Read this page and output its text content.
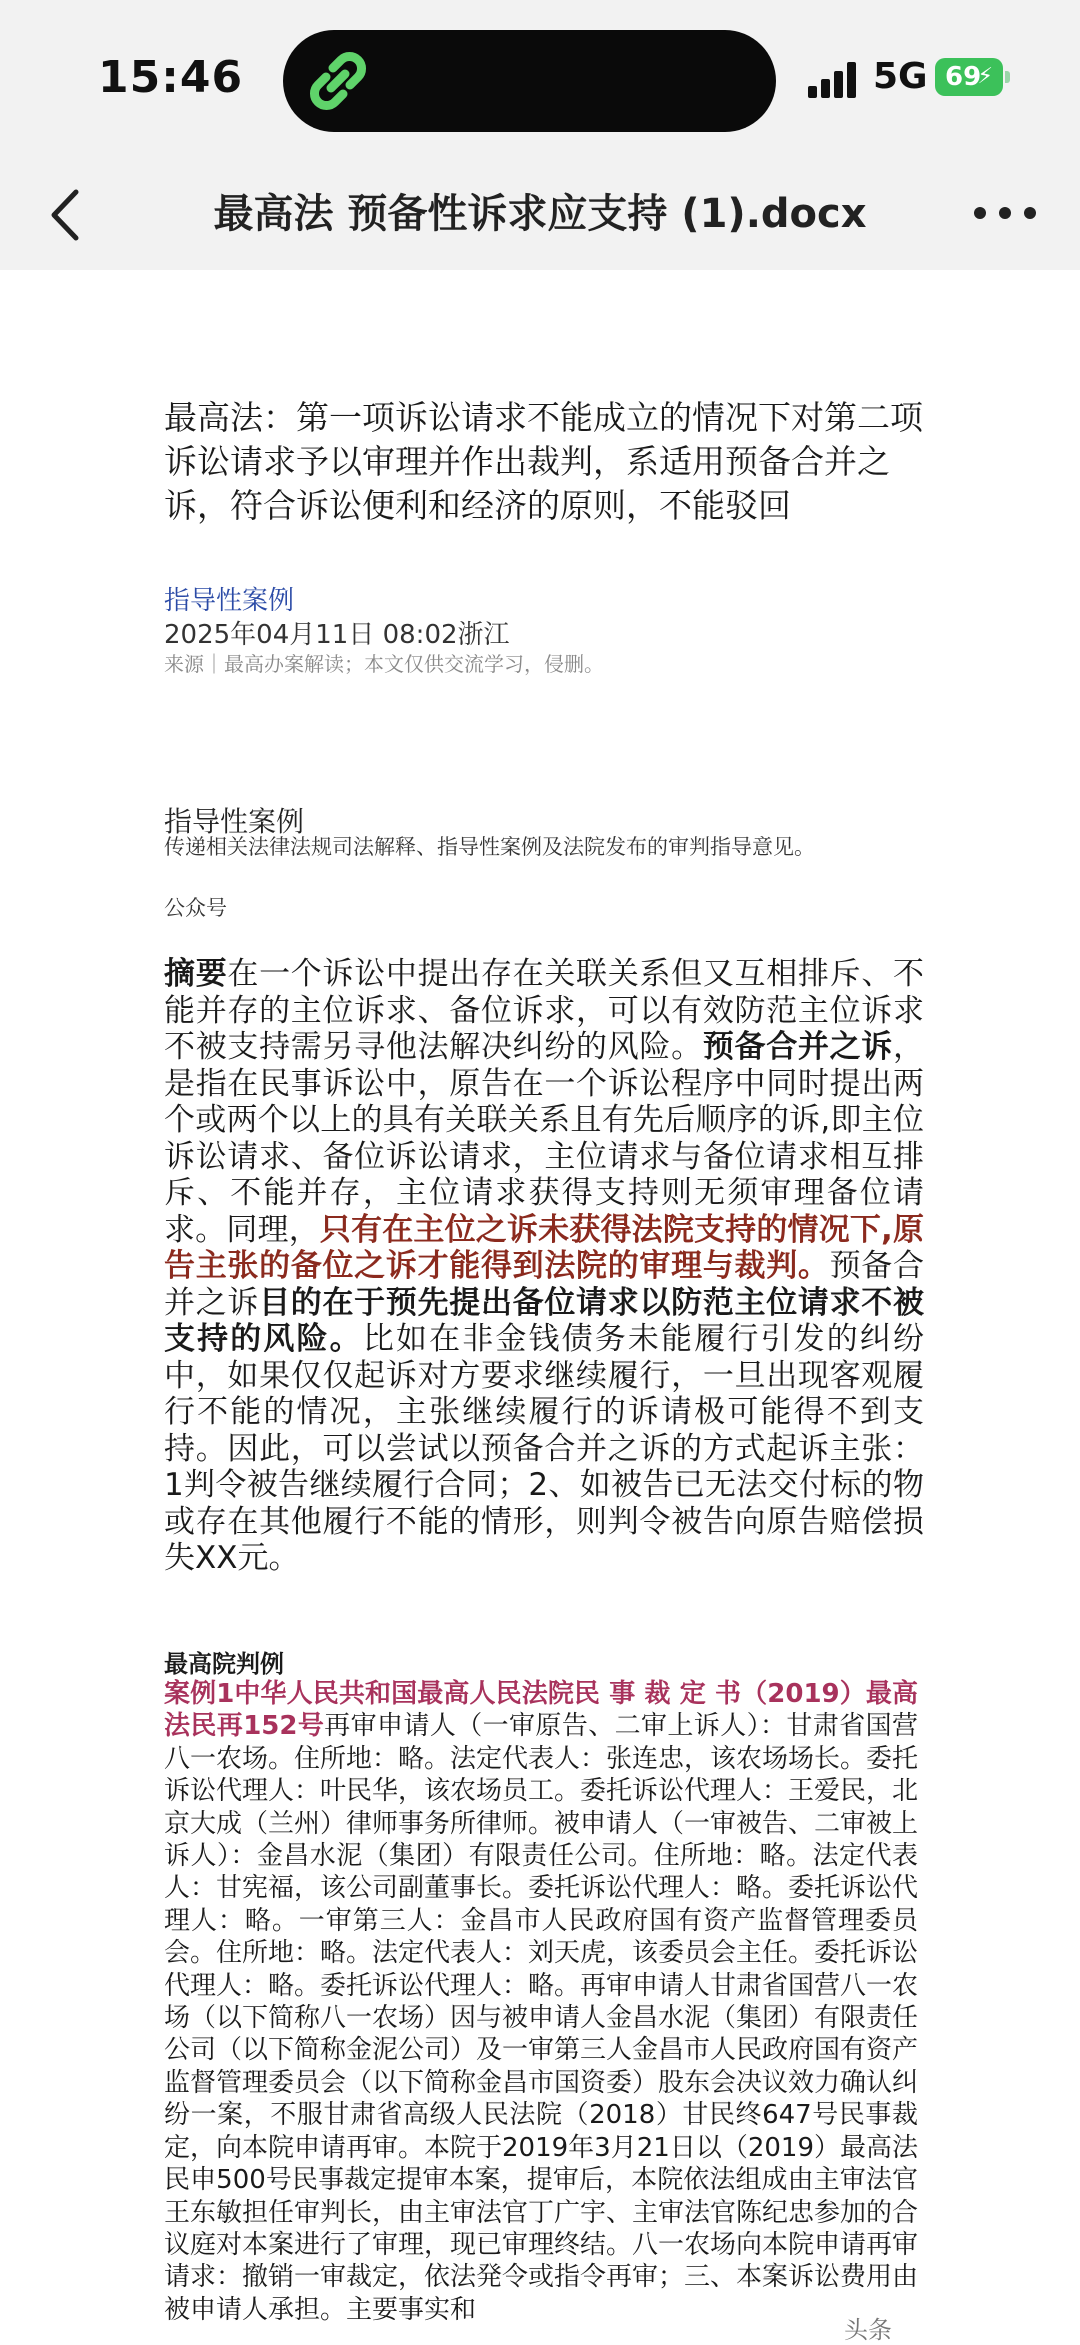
15:46	5G 69
⚡
最高法 预备性诉求应支持 (1).docx
最高法：第一项诉讼请求不能成立的情况下对第二项诉讼请求予以审理并作出裁判，系适用预备合并之诉，符合诉讼便利和经济的原则，不能驳回
指导性案例
2025年04月11日 08:02浙江
来源｜最高办案解读；本文仅供交流学习，侵删。
指导性案例
传递相关法律法规司法解释、指导性案例及法院发布的审判指导意见。
公众号
摘要在一个诉讼中提出存在关联关系但又互相排斥、不能并存的主位诉求、备位诉求，可以有效防范主位诉求不被支持需另寻他法解决纠纷的风险。预备合并之诉，是指在民事诉讼中，原告在一个诉讼程序中同时提出两个或两个以上的具有关联关系且有先后顺序的诉,即主位诉讼请求、备位诉讼请求，主位请求与备位请求相互排斥、不能并存，主位请求获得支持则无须审理备位请求。同理，只有在主位之诉未获得法院支持的情况下,原告主张的备位之诉才能得到法院的审理与裁判。预备合并之诉目的在于预先提出备位请求以防范主位请求不被支持的风险。比如在非金钱债务未能履行引发的纠纷中，如果仅仅起诉对方要求继续履行，一旦出现客观履行不能的情况，主张继续履行的诉请极可能得不到支持。因此，可以尝试以预备合并之诉的方式起诉主张：1判令被告继续履行合同；2、如被告已无法交付标的物或存在其他履行不能的情形，则判令被告向原告赔偿损失XX元。
最高院判例
案例1中华人民共和国最高人民法院民 事 裁 定 书（2019）最高法民再152号再审申请人（一审原告、二审上诉人）：甘肃省国营八一农场。住所地：略。法定代表人：张连忠，该农场场长。委托诉讼代理人：叶民华，该农场员工。委托诉讼代理人：王爱民，北京大成（兰州）律师事务所律师。被申请人（一审被告、二审被上诉人）：金昌水泥（集团）有限责任公司。住所地：略。法定代表人：甘宪福，该公司副董事长。委托诉讼代理人：略。委托诉讼代理人：略。一审第三人：金昌市人民政府国有资产监督管理委员会。住所地：略。法定代表人：刘天虎，该委员会主任。委托诉讼代理人：略。委托诉讼代理人：略。再审申请人甘肃省国营八一农场（以下简称八一农场）因与被申请人金昌水泥（集团）有限责任公司（以下简称金泥公司）及一审第三人金昌市人民政府国有资产监督管理委员会（以下简称金昌市国资委）股东会决议效力确认纠纷一案，不服甘肃省高级人民法院（2018）甘民终647号民事裁定，向本院申请再审。本院于2019年3月21日以（2019）最高法民申500号民事裁定提审本案，提审后，本院依法组成由主审法官王东敏担任审判长，由主审法官丁广宇、主审法官陈纪忠参加的合议庭对本案进行了审理，现已审理终结。八一农场向本院申请再审请求：撤销一审裁定，依法発令或指令再审；三、本案诉讼费用由被申请人承担。主要事实和
头条
